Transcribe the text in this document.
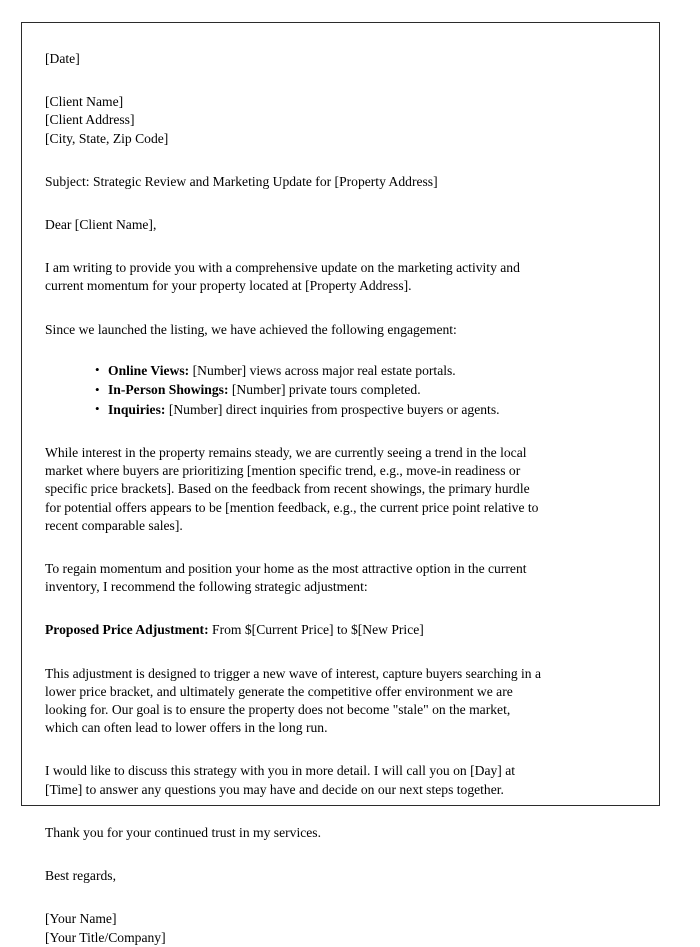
[Date]
[Client Name]
[Client Address]
[City, State, Zip Code]
Subject: Strategic Review and Marketing Update for [Property Address]
Dear [Client Name],
I am writing to provide you with a comprehensive update on the marketing activity and
current momentum for your property located at [Property Address].
Since we launched the listing, we have achieved the following engagement:
• Online Views: [Number] views across major real estate portals.
• In-Person Showings: [Number] private tours completed.
• Inquiries: [Number] direct inquiries from prospective buyers or agents.
While interest in the property remains steady, we are currently seeing a trend in the local
market where buyers are prioritizing [mention specific trend, e.g., move-in readiness or
specific price brackets]. Based on the feedback from recent showings, the primary hurdle
for potential offers appears to be [mention feedback, e.g., the current price point relative to
recent comparable sales].
To regain momentum and position your home as the most attractive option in the current
inventory, I recommend the following strategic adjustment:
Proposed Price Adjustment: From $[Current Price] to $[New Price]
This adjustment is designed to trigger a new wave of interest, capture buyers searching in a
lower price bracket, and ultimately generate the competitive offer environment we are
looking for. Our goal is to ensure the property does not become "stale" on the market,
which can often lead to lower offers in the long run.
I would like to discuss this strategy with you in more detail. I will call you on [Day] at
[Time] to answer any questions you may have and decide on our next steps together.
Thank you for your continued trust in my services.
Best regards,
[Your Name]
[Your Title/Company]
